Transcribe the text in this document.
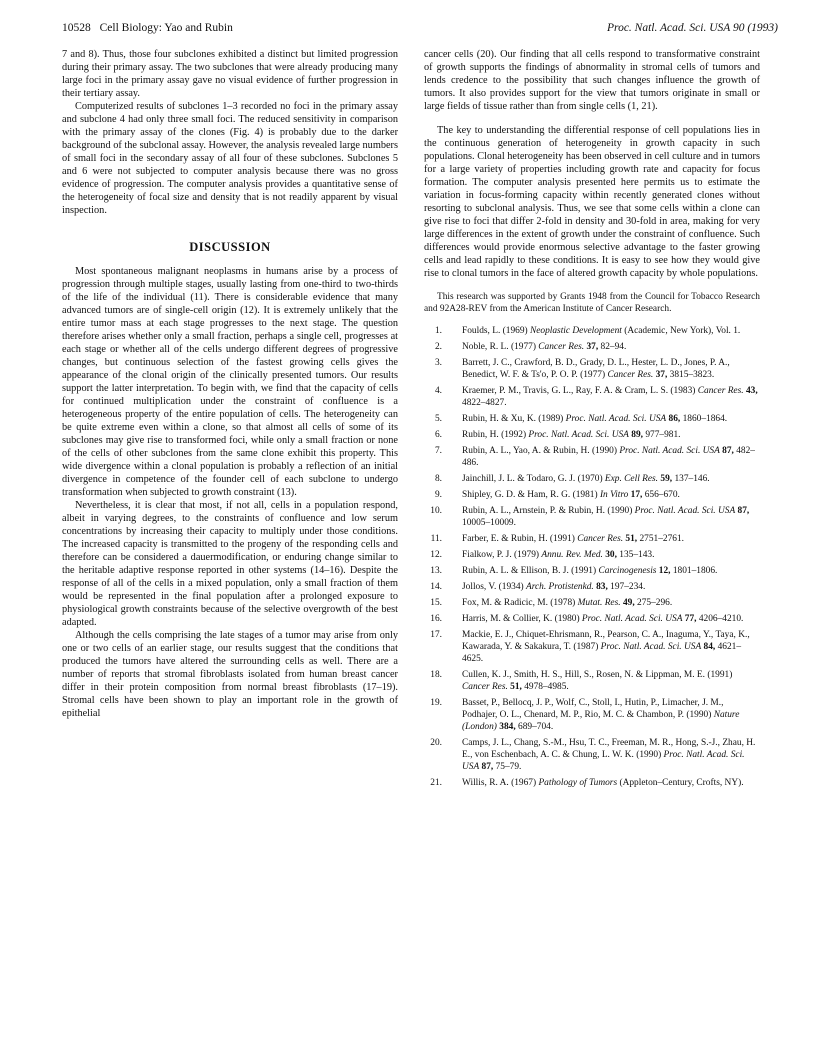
10528 Cell Biology: Yao and Rubin	Proc. Natl. Acad. Sci. USA 90 (1993)

7 and 8). Thus, those four subclones exhibited a distinct but limited progression during their primary assay. The two subclones that were already producing many large foci in the primary assay gave no visual evidence of further progression in their tertiary assay.

Computerized results of subclones 1–3 recorded no foci in the primary assay and subclone 4 had only three small foci. The reduced sensitivity in comparison with the primary assay of the clones (Fig. 4) is probably due to the darker background of the subclonal assay. However, the analysis revealed large numbers of small foci in the secondary assay of all four of these subclones. Subclones 5 and 6 were not subjected to computer analysis because there was no gross evidence of progression. The computer analysis provides a quantitative sense of the heterogeneity of focal size and density that is not readily apparent by visual inspection.

DISCUSSION

Most spontaneous malignant neoplasms in humans arise by a process of progression through multiple stages, usually lasting from one-third to two-thirds of the life of the individual (11). There is considerable evidence that many advanced tumors are of single-cell origin (12). It is extremely unlikely that the entire tumor mass at each stage progresses to the next stage. The question therefore arises whether only a small fraction, perhaps a single cell, progresses at each stage or whether all of the cells undergo different degrees of progressive changes, but continuous selection of the fastest growing cells gives the appearance of the clonal origin of the clinically presented tumors. Our results support the latter interpretation. To begin with, we find that the capacity of cells for continued multiplication under the constraint of confluence is a heterogeneous property of the entire population of cells. The heterogeneity can be quite extreme even within a clone, so that almost all cells of some of its subclones may give rise to transformed foci, while only a small fraction or none of the cells of other subclones from the same clone exhibit this property. This wide divergence within a clonal population is probably a reflection of an initial divergence in competence of the founder cell of each subclone to undergo transformation when subjected to growth constraint (13).

Nevertheless, it is clear that most, if not all, cells in a population respond, albeit in varying degrees, to the constraints of confluence and low serum concentrations by increasing their capacity to multiply under those conditions. The increased capacity is transmitted to the progeny of the responding cells and therefore can be considered a dauermodification, or enduring change similar to the heritable adaptive response reported in other systems (14–16). Despite the response of all of the cells in a mixed population, only a small fraction of them would be represented in the final population after a prolonged exposure to physiological growth constraints because of the selective overgrowth of the best adapted.

Although the cells comprising the late stages of a tumor may arise from only one or two cells of an earlier stage, our results suggest that the conditions that produced the tumors have altered the surrounding cells as well. There are a number of reports that stromal fibroblasts isolated from human breast cancer differ in their protein composition from normal breast fibroblasts (17–19). Stromal cells have been shown to play an important role in the growth of epithelial

cancer cells (20). Our finding that all cells respond to transformative constraint of growth supports the findings of abnormality in stromal cells of tumors and lends credence to the possibility that such changes influence the growth of tumors. It also provides support for the view that tumors originate in small or large fields of tissue rather than from single cells (1, 21).

The key to understanding the differential response of cell populations lies in the continuous generation of heterogeneity in growth capacity in such populations. Clonal heterogeneity has been observed in cell culture and in tumors for a large variety of properties including growth rate and capacity for focus formation. The computer analysis presented here permits us to estimate the variation in focus-forming capacity within recently generated clones without resorting to subclonal analysis. Thus, we see that some cells within a clone can give rise to foci that differ 2-fold in density and 30-fold in area, making for very large differences in the extent of growth under the constraint of confluence. Such differences would provide enormous selective advantage to the faster growing cells and lead rapidly to these conditions. It is easy to see how they would give rise to clonal tumors in the face of altered growth capacity by whole populations.

This research was supported by Grants 1948 from the Council for Tobacco Research and 92A28-REV from the American Institute of Cancer Research.

1. Foulds, L. (1969) Neoplastic Development (Academic, New York), Vol. 1.
2. Noble, R. L. (1977) Cancer Res. 37, 82–94.
3. Barrett, J. C., Crawford, B. D., Grady, D. L., Hester, L. D., Jones, P. A., Benedict, W. F. & Ts'o, P. O. P. (1977) Cancer Res. 37, 3815–3823.
4. Kraemer, P. M., Travis, G. L., Ray, F. A. & Cram, L. S. (1983) Cancer Res. 43, 4822–4827.
5. Rubin, H. & Xu, K. (1989) Proc. Natl. Acad. Sci. USA 86, 1860–1864.
6. Rubin, H. (1992) Proc. Natl. Acad. Sci. USA 89, 977–981.
7. Rubin, A. L., Yao, A. & Rubin, H. (1990) Proc. Natl. Acad. Sci. USA 87, 482–486.
8. Jainchill, J. L. & Todaro, G. J. (1970) Exp. Cell Res. 59, 137–146.
9. Shipley, G. D. & Ham, R. G. (1981) In Vitro 17, 656–670.
10. Rubin, A. L., Arnstein, P. & Rubin, H. (1990) Proc. Natl. Acad. Sci. USA 87, 10005–10009.
11. Farber, E. & Rubin, H. (1991) Cancer Res. 51, 2751–2761.
12. Fialkow, P. J. (1979) Annu. Rev. Med. 30, 135–143.
13. Rubin, A. L. & Ellison, B. J. (1991) Carcinogenesis 12, 1801–1806.
14. Jollos, V. (1934) Arch. Protistenkd. 83, 197–234.
15. Fox, M. & Radicic, M. (1978) Mutat. Res. 49, 275–296.
16. Harris, M. & Collier, K. (1980) Proc. Natl. Acad. Sci. USA 77, 4206–4210.
17. Mackie, E. J., Chiquet-Ehrismann, R., Pearson, C. A., Inaguma, Y., Taya, K., Kawarada, Y. & Sakakura, T. (1987) Proc. Natl. Acad. Sci. USA 84, 4621–4625.
18. Cullen, K. J., Smith, H. S., Hill, S., Rosen, N. & Lippman, M. E. (1991) Cancer Res. 51, 4978–4985.
19. Basset, P., Bellocq, J. P., Wolf, C., Stoll, I., Hutin, P., Limacher, J. M., Podhajer, O. L., Chenard, M. P., Rio, M. C. & Chambon, P. (1990) Nature (London) 384, 689–704.
20. Camps, J. L., Chang, S.-M., Hsu, T. C., Freeman, M. R., Hong, S.-J., Zhau, H. E., von Eschenbach, A. C. & Chung, L. W. K. (1990) Proc. Natl. Acad. Sci. USA 87, 75–79.
21. Willis, R. A. (1967) Pathology of Tumors (Appleton–Century, Crofts, NY).
